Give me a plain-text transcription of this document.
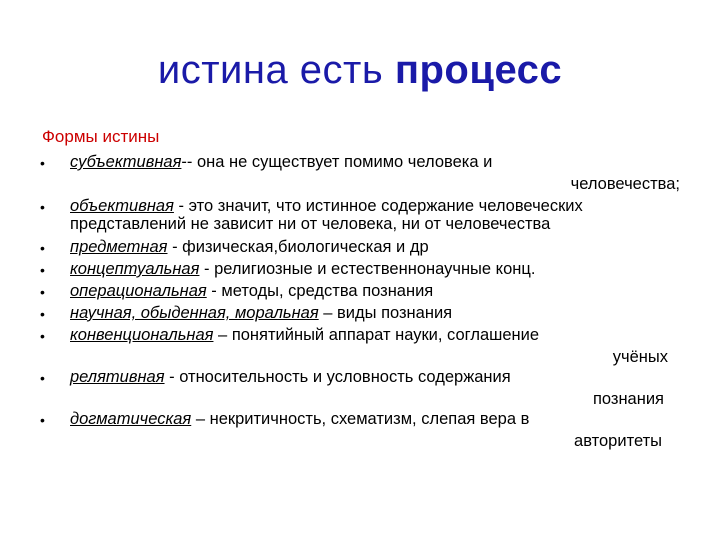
истина есть процесс
Формы истины
• субъективная-- она не существует помимо человека и
человечества;
• объективная - это значит, что истинное содержание человеческих
представлений не зависит ни от человека, ни от человечества
• предметная - физическая,биологическая и др
• концептуальная - религиозные и естественнонаучные конц.
• операциональная - методы, средства познания
• научная, обыденная, моральная – виды познания
• конвенциональная – понятийный аппарат науки, соглашение
учёных
• релятивная - относительность и условность содержания
познания
• догматическая – некритичность, схематизм, слепая вера в
авторитеты
